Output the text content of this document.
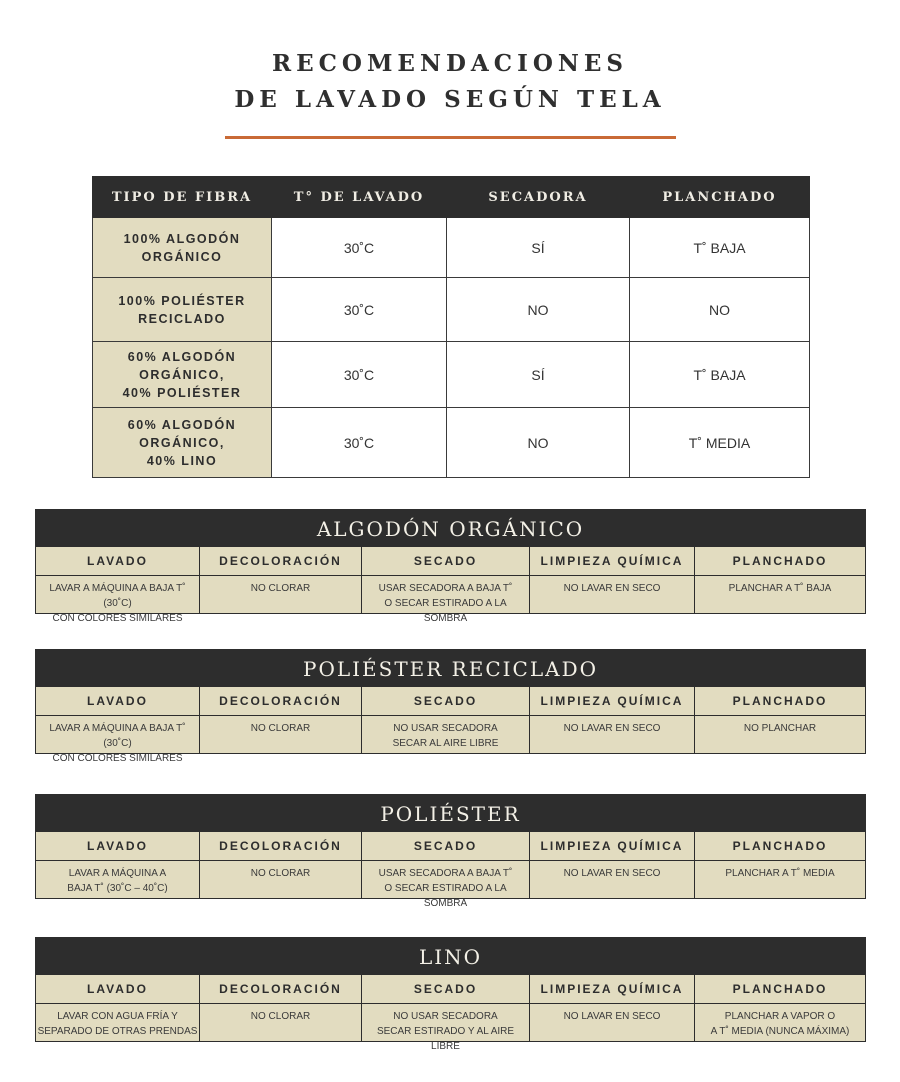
RECOMENDACIONES
DE LAVADO SEGÚN TELA
TIPO DE FIBRA	T° DE LAVADO	SECADORA	PLANCHADO
100% ALGODÓN
ORGÁNICO	30˚C	SÍ	T˚ BAJA
100% POLIÉSTER
RECICLADO	30˚C	NO	NO
60% ALGODÓN
ORGÁNICO,
40% POLIÉSTER	30˚C	SÍ	T˚ BAJA
60% ALGODÓN
ORGÁNICO,
40% LINO	30˚C	NO	T˚ MEDIA
ALGODÓN ORGÁNICO
LAVADO	DECOLORACIÓN	SECADO	LIMPIEZA QUÍMICA	PLANCHADO
LAVAR A MÁQUINA A BAJA T˚ (30˚C)
CON COLORES SIMILARES
NO CLORAR	USAR SECADORA A BAJA T˚
O SECAR ESTIRADO A LA SOMBRA
NO LAVAR EN SECO	PLANCHAR A T˚ BAJA
POLIÉSTER RECICLADO
LAVADO	DECOLORACIÓN	SECADO	LIMPIEZA QUÍMICA	PLANCHADO
LAVAR A MÁQUINA A BAJA T˚ (30˚C)
CON COLORES SIMILARES
NO CLORAR	NO USAR SECADORA
SECAR AL AIRE LIBRE
NO LAVAR EN SECO	NO PLANCHAR
POLIÉSTER
LAVADO	DECOLORACIÓN	SECADO	LIMPIEZA QUÍMICA	PLANCHADO
LAVAR A MÁQUINA A
BAJA T˚ (30˚C – 40˚C)
NO CLORAR	USAR SECADORA A BAJA T˚
O SECAR ESTIRADO A LA SOMBRA
NO LAVAR EN SECO	PLANCHAR A T˚ MEDIA
LINO
LAVADO	DECOLORACIÓN	SECADO	LIMPIEZA QUÍMICA	PLANCHADO
LAVAR CON AGUA FRÍA Y
SEPARADO DE OTRAS PRENDAS
NO CLORAR	NO USAR SECADORA
SECAR ESTIRADO Y AL AIRE LIBRE
NO LAVAR EN SECO	PLANCHAR A VAPOR O
A T˚ MEDIA (NUNCA MÁXIMA)
